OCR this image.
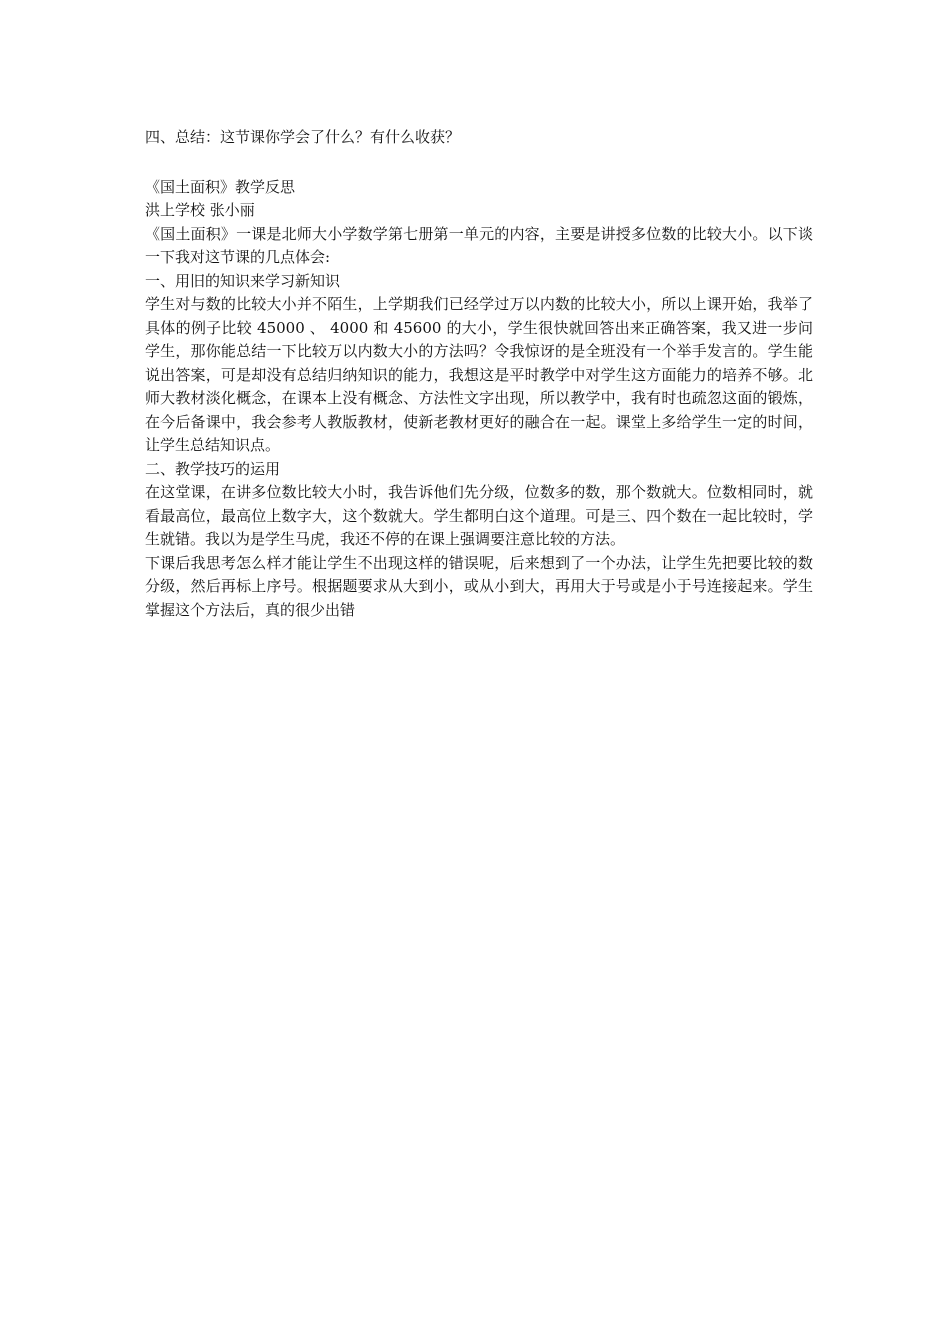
四、总结：这节课你学会了什么？有什么收获？

《国土面积》教学反思

洪上学校 张小丽

《国土面积》一课是北师大小学数学第七册第一单元的内容，主要是讲授多位数的比较大小。以下谈一下我对这节课的几点体会:

一、用旧的知识来学习新知识

学生对与数的比较大小并不陌生，上学期我们已经学过万以内数的比较大小，所以上课开始，我举了具体的例子比较 45000 、 4000 和 45600 的大小，学生很快就回答出来正确答案，我又进一步问学生，那你能总结一下比较万以内数大小的方法吗？令我惊讶的是全班没有一个举手发言的。学生能说出答案，可是却没有总结归纳知识的能力，我想这是平时教学中对学生这方面能力的培养不够。北师大教材淡化概念，在课本上没有概念、方法性文字出现，所以教学中，我有时也疏忽这面的锻炼，在今后备课中，我会参考人教版教材，使新老教材更好的融合在一起。课堂上多给学生一定的时间，让学生总结知识点。

二、教学技巧的运用

在这堂课，在讲多位数比较大小时，我告诉他们先分级，位数多的数，那个数就大。位数相同时，就看最高位，最高位上数字大，这个数就大。学生都明白这个道理。可是三、四个数在一起比较时，学生就错。我以为是学生马虎，我还不停的在课上强调要注意比较的方法。

下课后我思考怎么样才能让学生不出现这样的错误呢，后来想到了一个办法，让学生先把要比较的数分级，然后再标上序号。根据题要求从大到小，或从小到大，再用大于号或是小于号连接起来。学生掌握这个方法后，真的很少出错
